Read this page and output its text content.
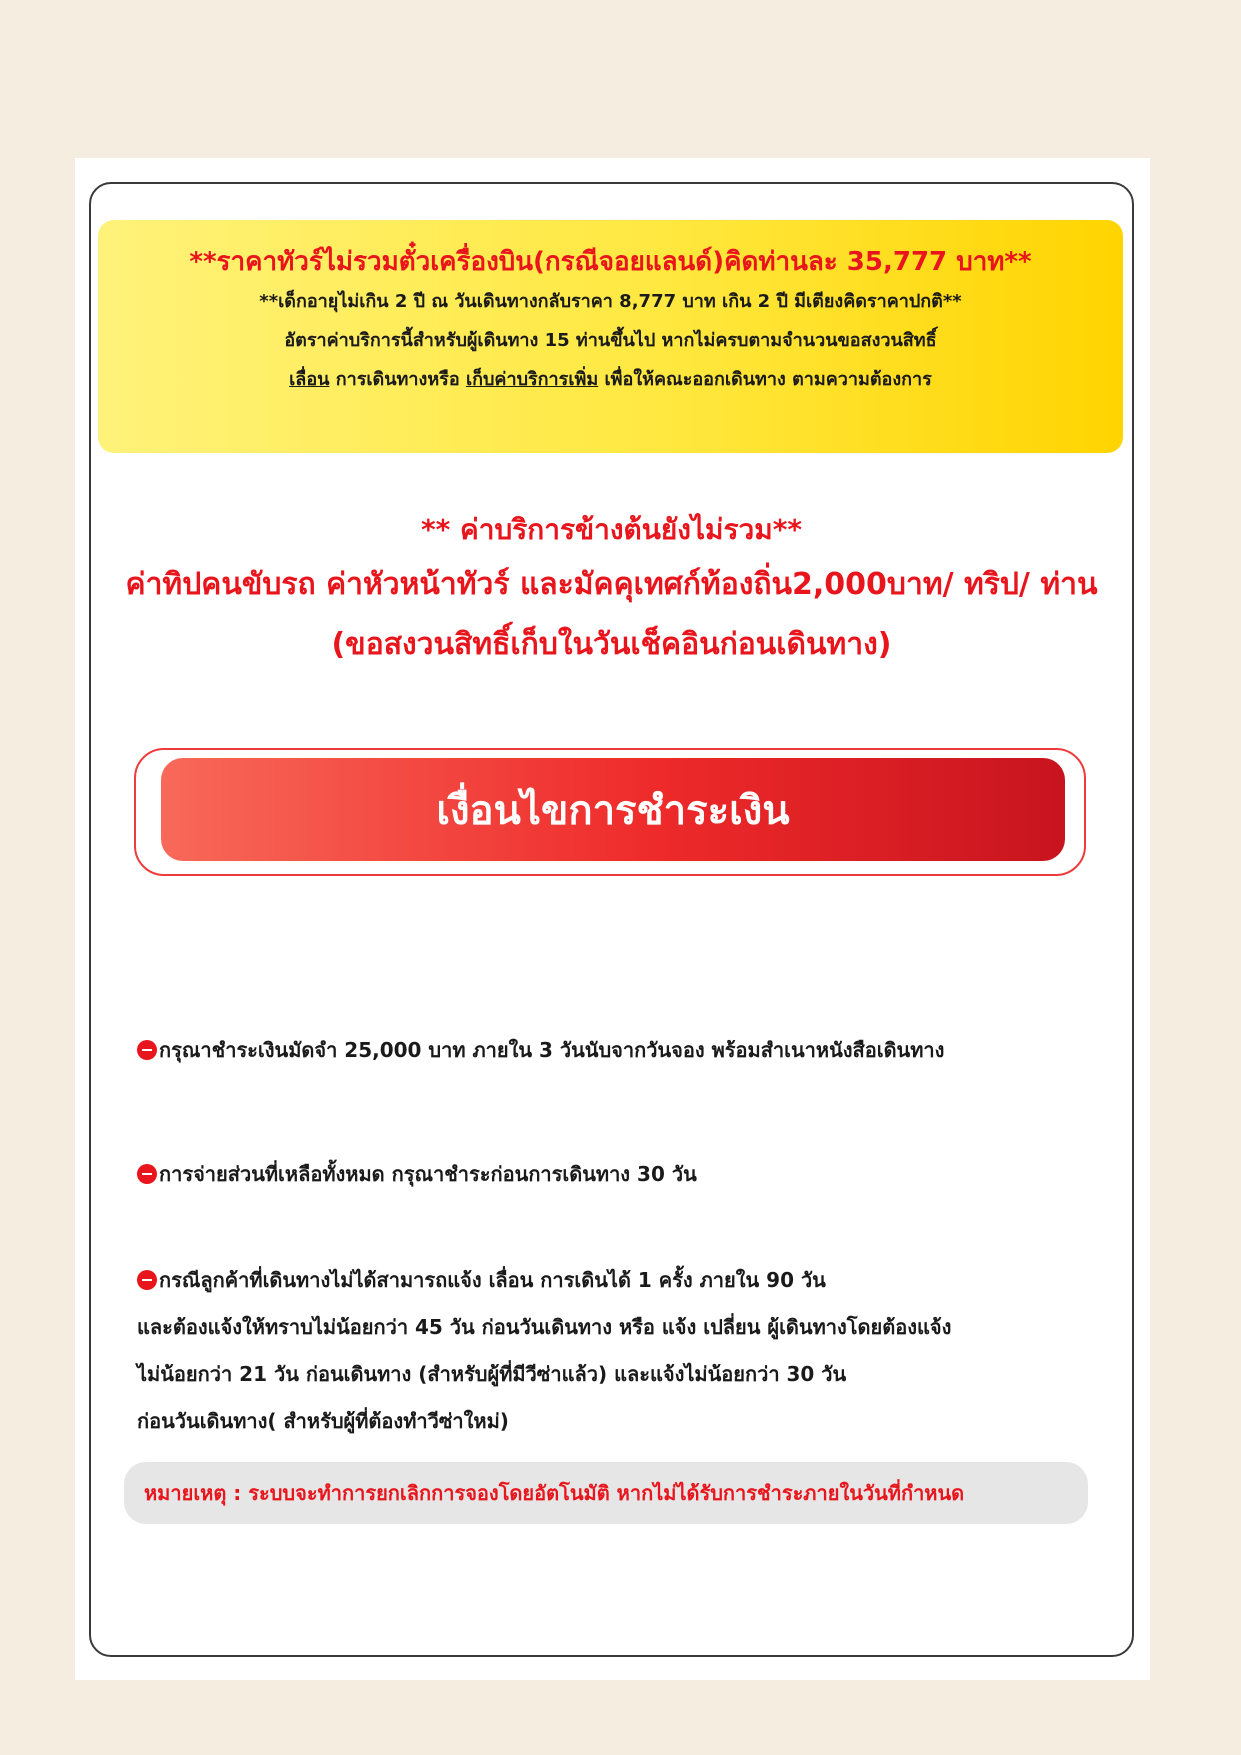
**ราคาทัวร์ไม่รวมตั๋วเครื่องบิน(กรณีจอยแลนด์)คิดท่านละ 35,777 บาท**

**เด็กอายุไม่เกิน 2 ปี ณ วันเดินทางกลับราคา 8,777 บาท เกิน 2 ปี มีเตียงคิดราคาปกติ**

อัตราค่าบริการนี้สำหรับผู้เดินทาง 15 ท่านขึ้นไป หากไม่ครบตามจำนวนขอสงวนสิทธิ์

เลื่อน การเดินทางหรือ เก็บค่าบริการเพิ่ม เพื่อให้คณะออกเดินทาง ตามความต้องการ

** ค่าบริการข้างต้นยังไม่รวม**

ค่าทิปคนขับรถ ค่าหัวหน้าทัวร์ และมัคคุเทศก์ท้องถิ่น2,000บาท/ ทริป/ ท่าน

(ขอสงวนสิทธิ์เก็บในวันเช็คอินก่อนเดินทาง)

เงื่อนไขการชำระเงิน

กรุณาชำระเงินมัดจำ 25,000 บาท ภายใน 3 วันนับจากวันจอง พร้อมสำเนาหนังสือเดินทาง

การจ่ายส่วนที่เหลือทั้งหมด กรุณาชำระก่อนการเดินทาง 30 วัน

กรณีลูกค้าที่เดินทางไม่ได้สามารถแจ้ง เลื่อน การเดินได้ 1 ครั้ง ภายใน 90 วัน

และต้องแจ้งให้ทราบไม่น้อยกว่า 45 วัน ก่อนวันเดินทาง หรือ แจ้ง เปลี่ยน ผู้เดินทางโดยต้องแจ้ง

ไม่น้อยกว่า 21 วัน ก่อนเดินทาง (สำหรับผู้ที่มีวีซ่าแล้ว) และแจ้งไม่น้อยกว่า 30 วัน

ก่อนวันเดินทาง( สำหรับผู้ที่ต้องทำวีซ่าใหม่)

หมายเหตุ : ระบบจะทำการยกเลิกการจองโดยอัตโนมัติ หากไม่ได้รับการชำระภายในวันที่กำหนด
